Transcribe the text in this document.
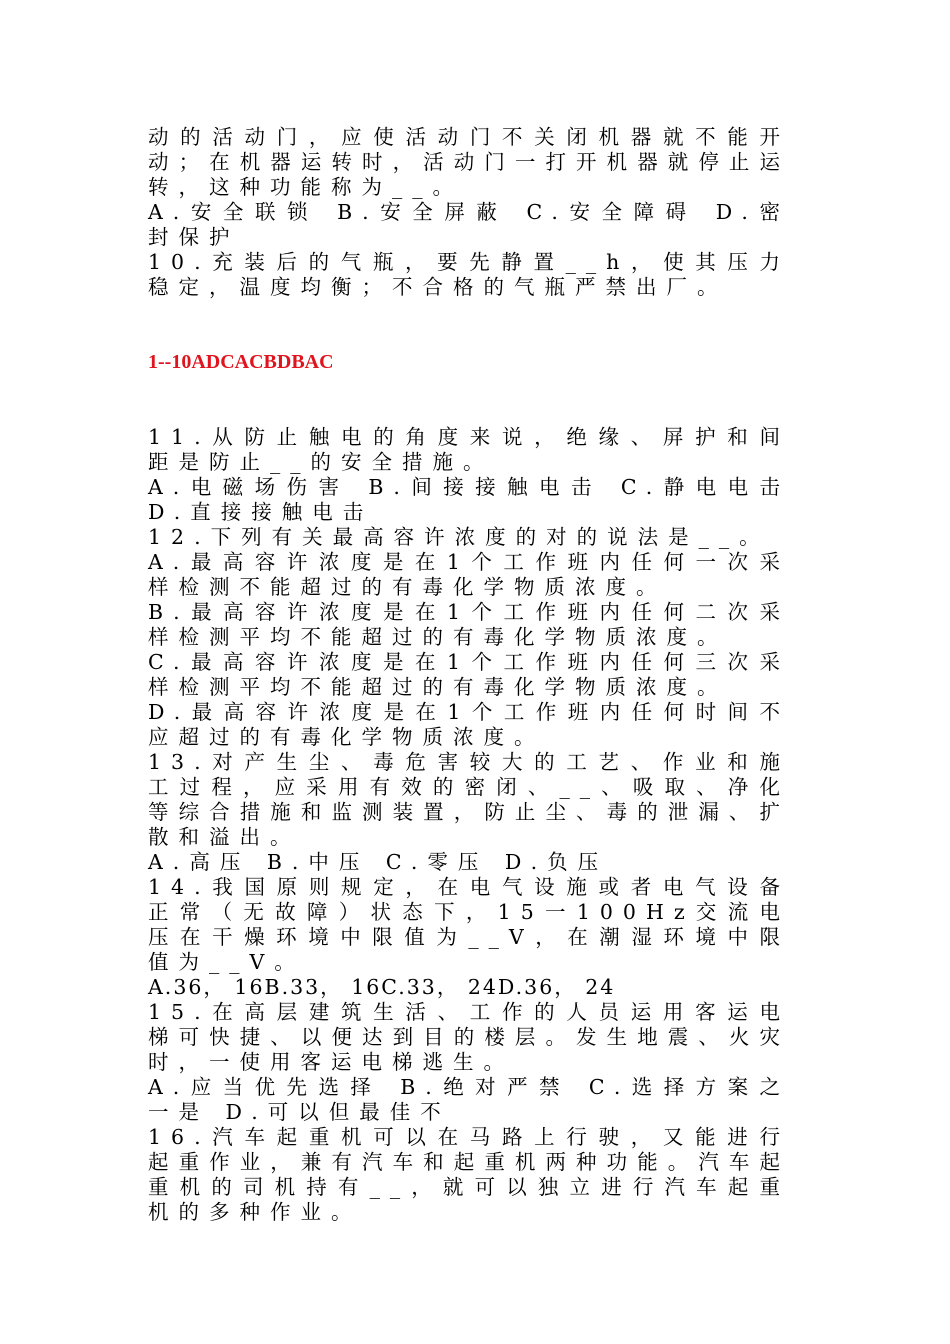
动的活动门，应使活动门不关闭机器就不能开动；在机器运转时，活动门一打开机器就停止运转，这种功能称为__。

A.安全联锁 B.安全屏蔽 C.安全障碍 D.密封保护

10.充装后的气瓶，要先静置__h，使其压力稳定，温度均衡；不合格的气瓶严禁出厂。

1--10ADCACBDBAC

11.从防止触电的角度来说，绝缘、屏护和间距是防止__的安全措施。

A.电磁场伤害 B.间接接触电击 C.静电电击 D.直接接触电击

12.下列有关最高容许浓度的对的说法是__。

A.最高容许浓度是在1个工作班内任何一次采样检测不能超过的有毒化学物质浓度。

B.最高容许浓度是在1个工作班内任何二次采样检测平均不能超过的有毒化学物质浓度。

C.最高容许浓度是在1个工作班内任何三次采样检测平均不能超过的有毒化学物质浓度。

D.最高容许浓度是在1个工作班内任何时间不应超过的有毒化学物质浓度。

13.对产生尘、毒危害较大的工艺、作业和施工过程，应采用有效的密闭、__、吸取、净化等综合措施和监测装置，防止尘、毒的泄漏、扩散和溢出。

A.高压 B.中压 C.零压 D.负压

14.我国原则规定，在电气设施或者电气设备正常（无故障）状态下，15一100Hz交流电压在干燥环境中限值为__V，在潮湿环境中限值为__V。

A.36， 16B.33， 16C.33， 24D.36， 24

15.在高层建筑生活、工作的人员运用客运电梯可快捷、以便达到目的楼层。发生地震、火灾时，一使用客运电梯逃生。

A.应当优先选择 B.绝对严禁 C.选择方案之一是 D.可以但最佳不

16.汽车起重机可以在马路上行驶，又能进行起重作业，兼有汽车和起重机两种功能。汽车起重机的司机持有__，就可以独立进行汽车起重机的多种作业。
